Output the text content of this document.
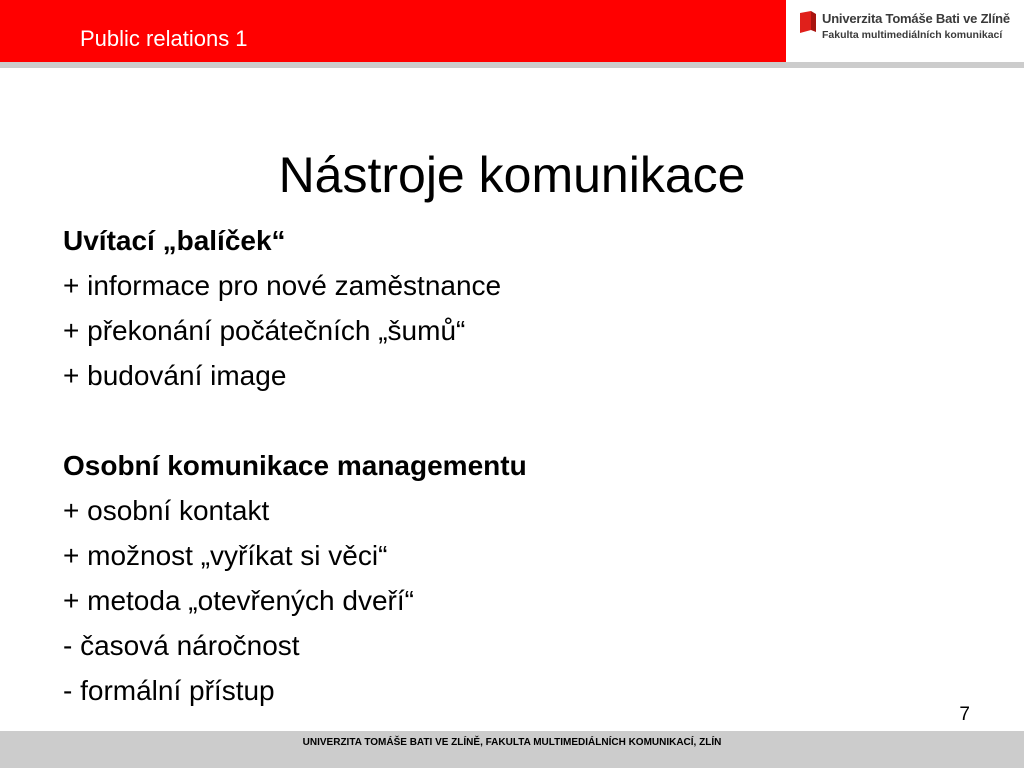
Public relations 1
Univerzita Tomáše Bati ve Zlíně
Fakulta multimediálních komunikací
Nástroje komunikace
Uvítací „balíček“
+ informace pro nové zaměstnance
+ překonání počátečních „šumů“
+ budování image
Osobní komunikace managementu
+ osobní kontakt
+ možnost „vyříkat si věci“
+ metoda „otevřených dveří“
- časová náročnost
- formální přístup
7
UNIVERZITA TOMÁŠE BATI VE ZLÍNĚ, FAKULTA MULTIMEDIÁLNÍCH KOMUNIKACÍ, ZLÍN
